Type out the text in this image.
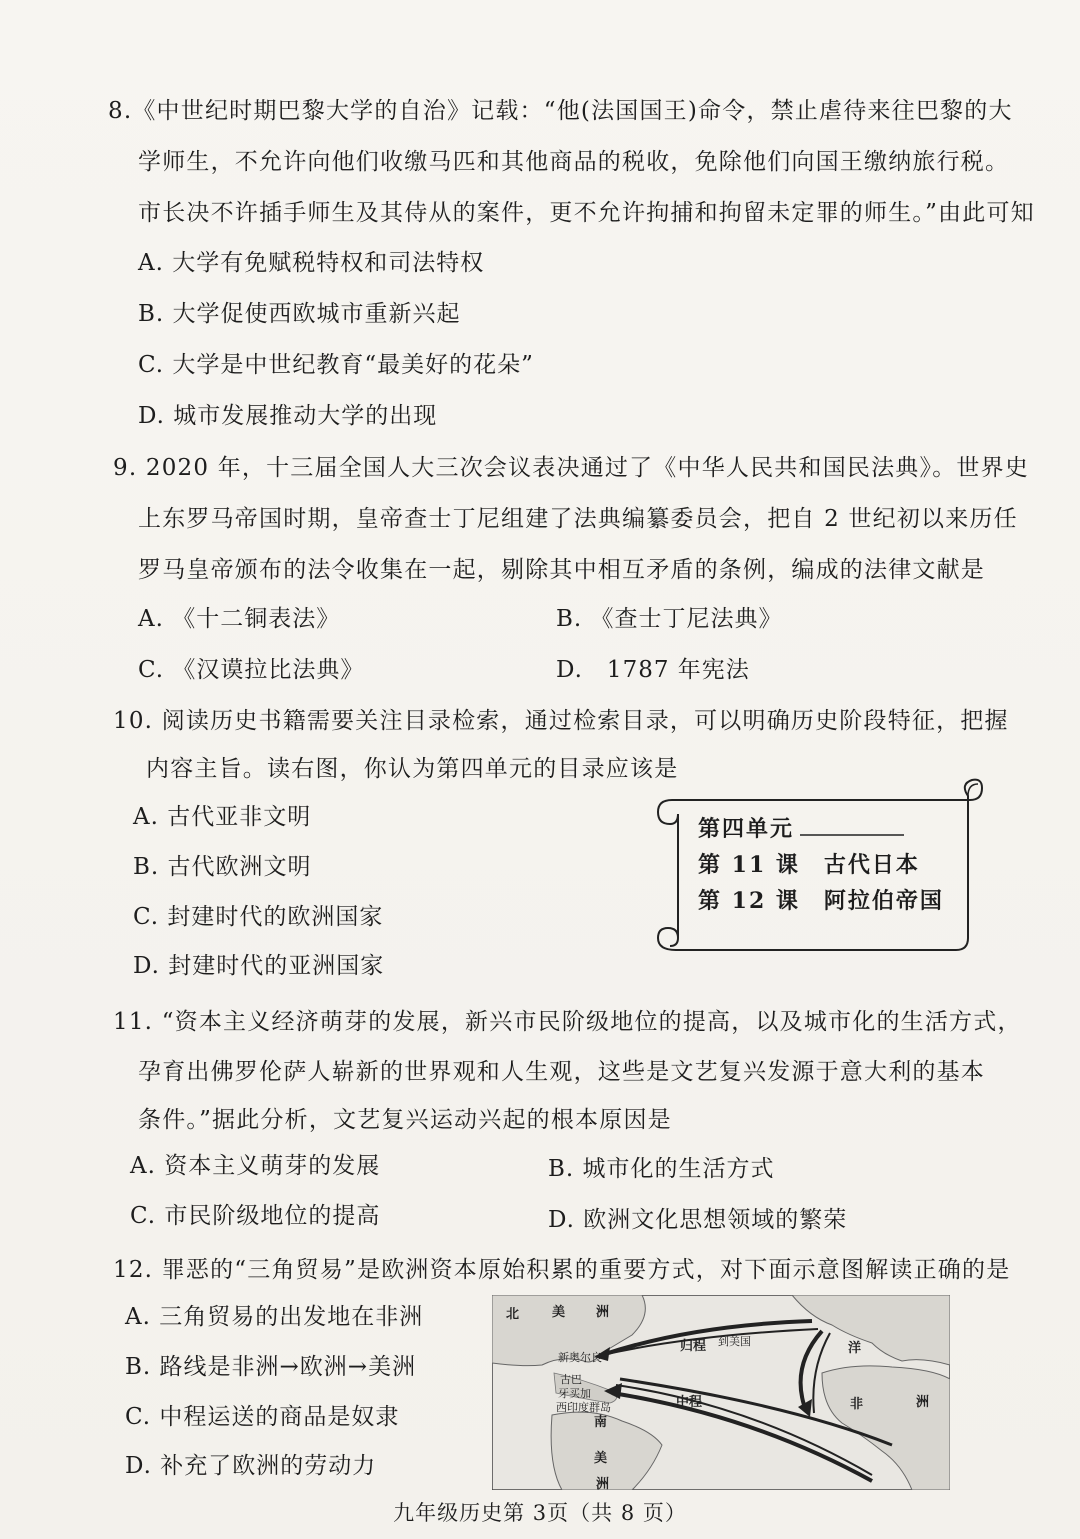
8.《中世纪时期巴黎大学的自治》记载：“他(法国国王)命令，禁止虐待来往巴黎的大
学师生，不允许向他们收缴马匹和其他商品的税收，免除他们向国王缴纳旅行税。
市长决不许插手师生及其侍从的案件，更不允许拘捕和拘留未定罪的师生。”由此可知
A. 大学有免赋税特权和司法特权
B. 大学促使西欧城市重新兴起
C. 大学是中世纪教育“最美好的花朵”
D. 城市发展推动大学的出现
9. 2020 年，十三届全国人大三次会议表决通过了《中华人民共和国民法典》。世界史
上东罗马帝国时期，皇帝查士丁尼组建了法典编纂委员会，把自 2 世纪初以来历任
罗马皇帝颁布的法令收集在一起，剔除其中相互矛盾的条例，编成的法律文献是
A. 《十二铜表法》	B. 《查士丁尼法典》
C. 《汉谟拉比法典》	D.　1787 年宪法
10. 阅读历史书籍需要关注目录检索，通过检索目录，可以明确历史阶段特征，把握
内容主旨。读右图，你认为第四单元的目录应该是
A. 古代亚非文明
B. 古代欧洲文明
C. 封建时代的欧洲国家
D. 封建时代的亚洲国家
第四单元
第 11 课　古代日本
第 12 课　阿拉伯帝国
11. “资本主义经济萌芽的发展，新兴市民阶级地位的提高，以及城市化的生活方式，
孕育出佛罗伦萨人崭新的世界观和人生观，这些是文艺复兴发源于意大利的基本
条件。”据此分析，文艺复兴运动兴起的根本原因是
A. 资本主义萌芽的发展	B. 城市化的生活方式
C. 市民阶级地位的提高	D. 欧洲文化思想领域的繁荣
12. 罪恶的“三角贸易”是欧洲资本原始积累的重要方式，对下面示意图解读正确的是
A. 三角贸易的出发地在非洲
B. 路线是非洲→欧洲→美洲
C. 中程运送的商品是奴隶
D. 补充了欧洲的劳动力
北	美 洲
归程 到美国	洋
非	洲
中程
南
美
洲
古巴
牙买加
西印度群岛
新奥尔良
九年级历史第 3页（共 8 页）
